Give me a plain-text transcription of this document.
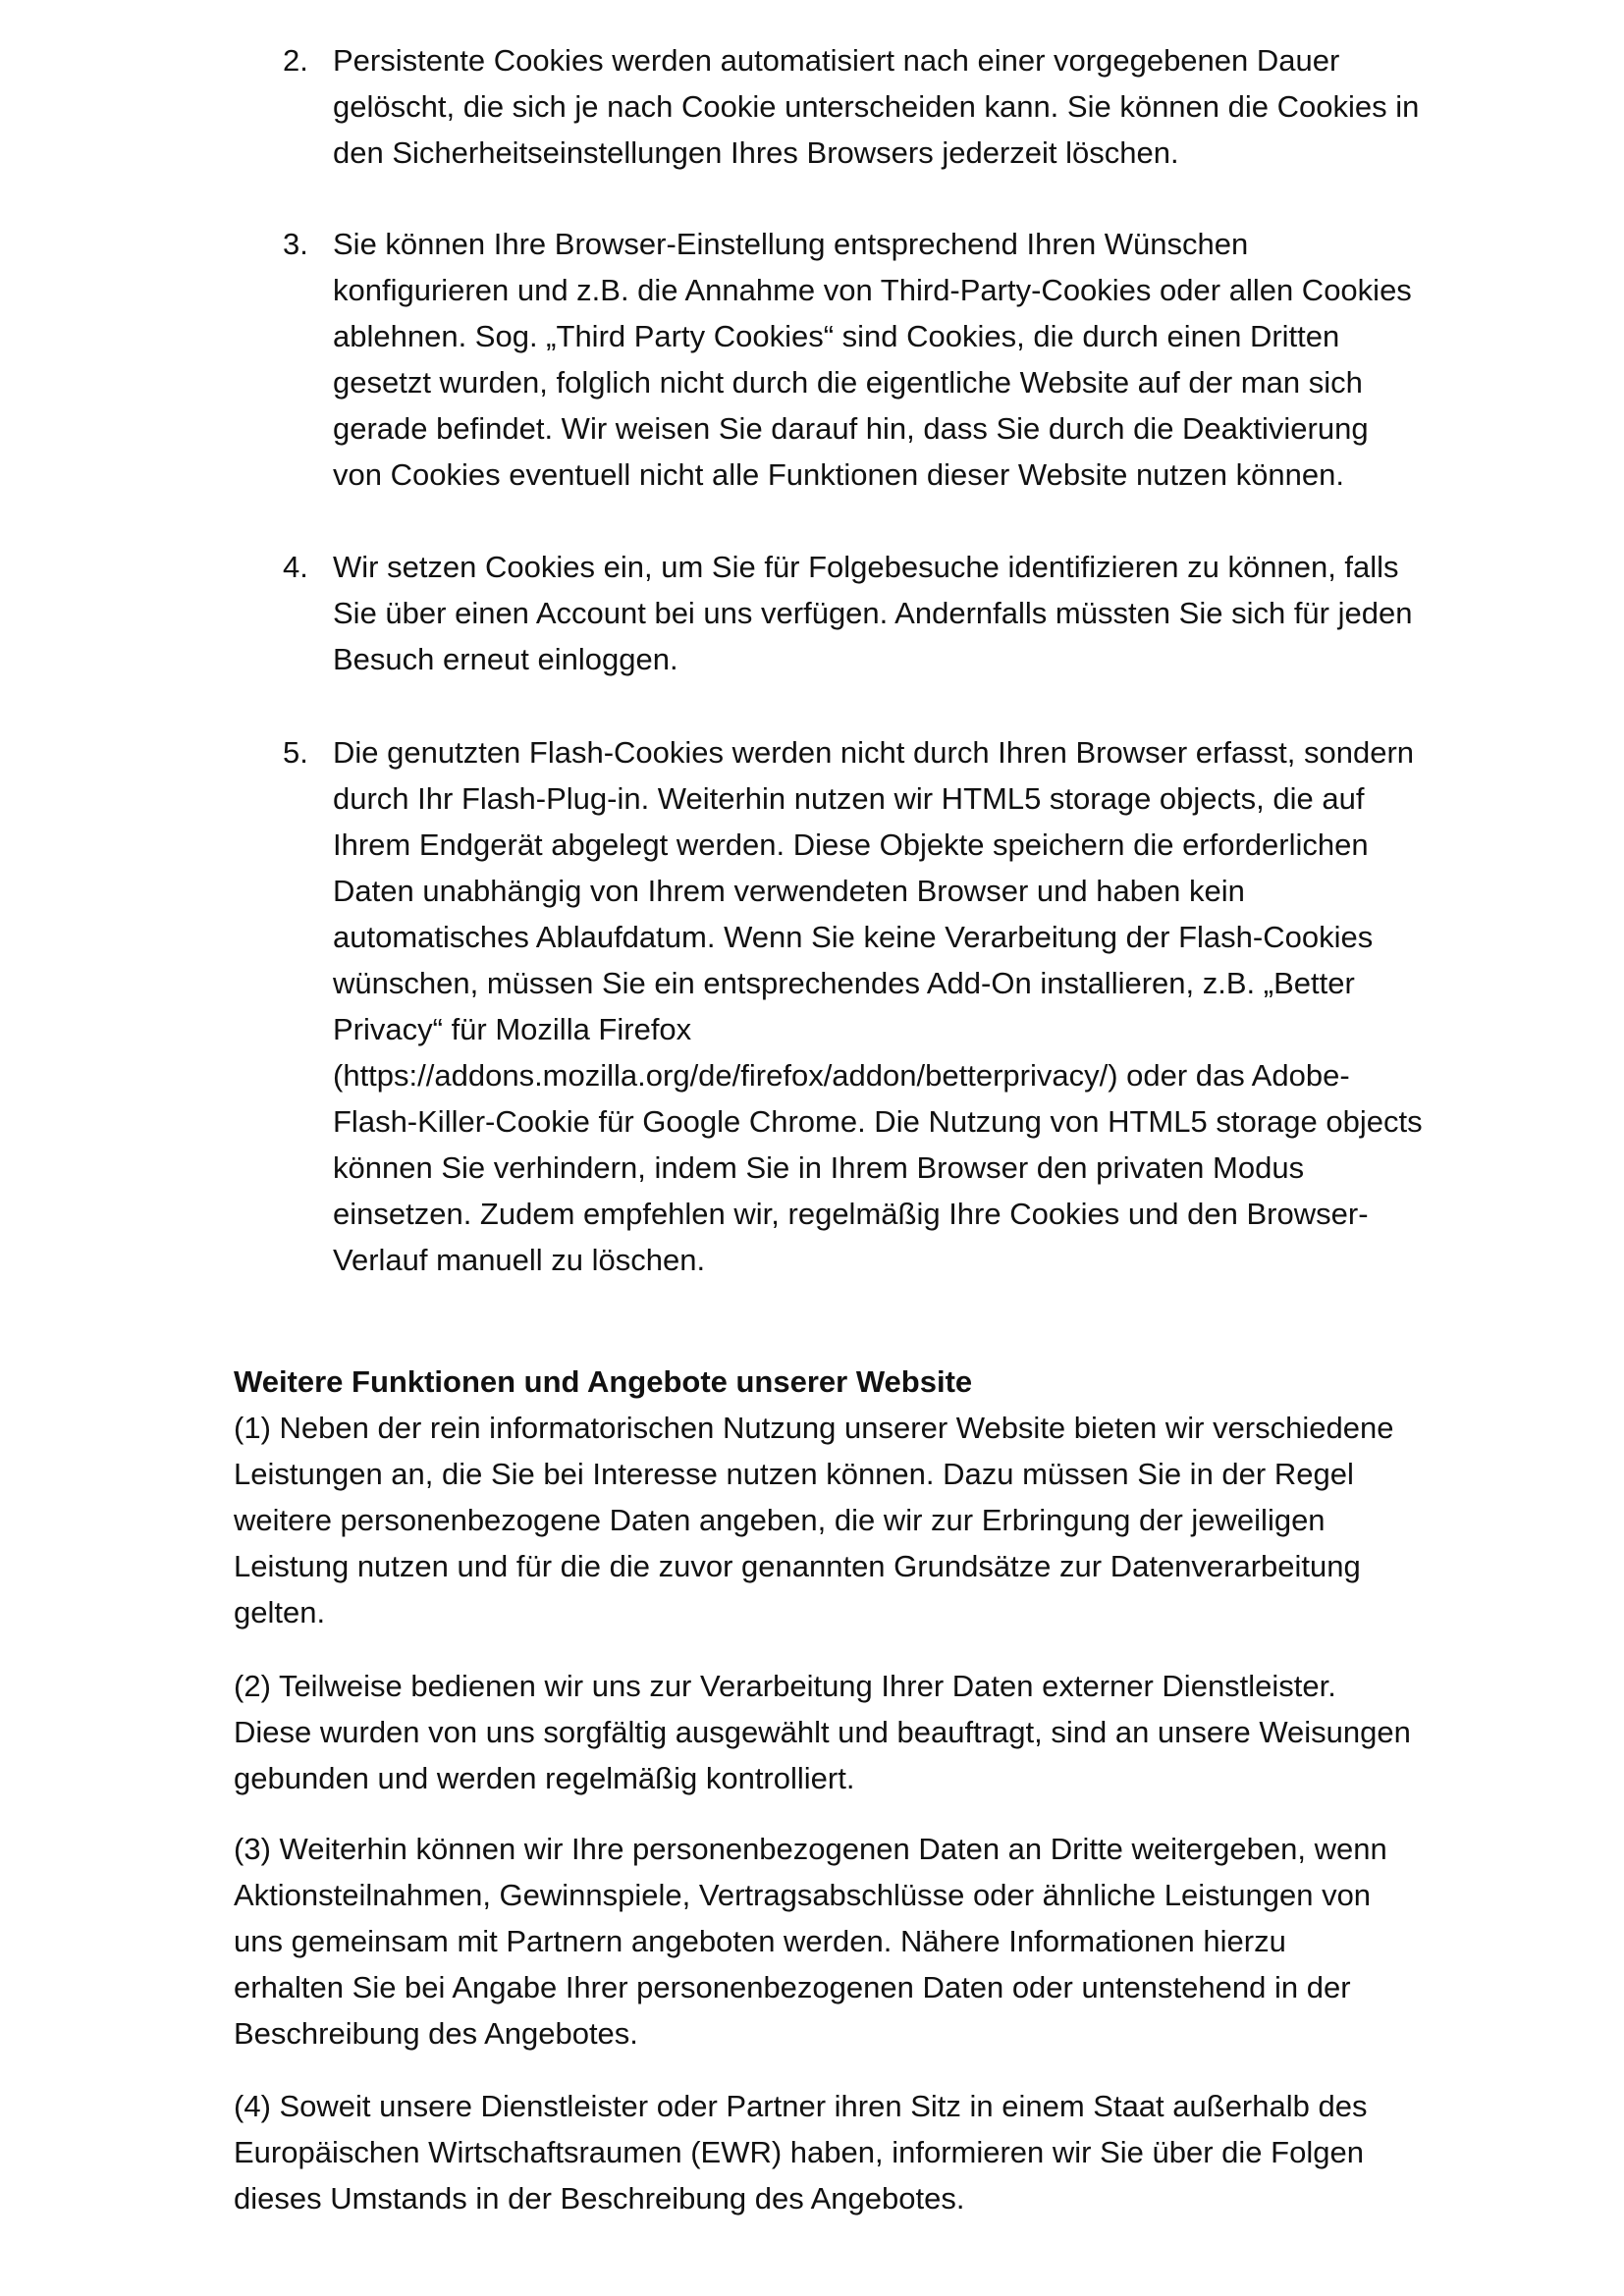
2. Persistente Cookies werden automatisiert nach einer vorgegebenen Dauer
gelöscht, die sich je nach Cookie unterscheiden kann. Sie können die Cookies in
den Sicherheitseinstellungen Ihres Browsers jederzeit löschen.
3. Sie können Ihre Browser-Einstellung entsprechend Ihren Wünschen
konfigurieren und z.B. die Annahme von Third-Party-Cookies oder allen Cookies
ablehnen. Sog. „Third Party Cookies“ sind Cookies, die durch einen Dritten
gesetzt wurden, folglich nicht durch die eigentliche Website auf der man sich
gerade befindet. Wir weisen Sie darauf hin, dass Sie durch die Deaktivierung
von Cookies eventuell nicht alle Funktionen dieser Website nutzen können.
4. Wir setzen Cookies ein, um Sie für Folgebesuche identifizieren zu können, falls
Sie über einen Account bei uns verfügen. Andernfalls müssten Sie sich für jeden
Besuch erneut einloggen.
5. Die genutzten Flash-Cookies werden nicht durch Ihren Browser erfasst, sondern
durch Ihr Flash-Plug-in. Weiterhin nutzen wir HTML5 storage objects, die auf
Ihrem Endgerät abgelegt werden. Diese Objekte speichern die erforderlichen
Daten unabhängig von Ihrem verwendeten Browser und haben kein
automatisches Ablaufdatum. Wenn Sie keine Verarbeitung der Flash-Cookies
wünschen, müssen Sie ein entsprechendes Add-On installieren, z.B. „Better
Privacy“ für Mozilla Firefox
(https://addons.mozilla.org/de/firefox/addon/betterprivacy/) oder das Adobe-
Flash-Killer-Cookie für Google Chrome. Die Nutzung von HTML5 storage objects
können Sie verhindern, indem Sie in Ihrem Browser den privaten Modus
einsetzen. Zudem empfehlen wir, regelmäßig Ihre Cookies und den Browser-
Verlauf manuell zu löschen.
Weitere Funktionen und Angebote unserer Website
(1) Neben der rein informatorischen Nutzung unserer Website bieten wir verschiedene
Leistungen an, die Sie bei Interesse nutzen können. Dazu müssen Sie in der Regel
weitere personenbezogene Daten angeben, die wir zur Erbringung der jeweiligen
Leistung nutzen und für die die zuvor genannten Grundsätze zur Datenverarbeitung
gelten.
(2) Teilweise bedienen wir uns zur Verarbeitung Ihrer Daten externer Dienstleister.
Diese wurden von uns sorgfältig ausgewählt und beauftragt, sind an unsere Weisungen
gebunden und werden regelmäßig kontrolliert.
(3) Weiterhin können wir Ihre personenbezogenen Daten an Dritte weitergeben, wenn
Aktionsteilnahmen, Gewinnspiele, Vertragsabschlüsse oder ähnliche Leistungen von
uns gemeinsam mit Partnern angeboten werden. Nähere Informationen hierzu
erhalten Sie bei Angabe Ihrer personenbezogenen Daten oder untenstehend in der
Beschreibung des Angebotes.
(4) Soweit unsere Dienstleister oder Partner ihren Sitz in einem Staat außerhalb des
Europäischen Wirtschaftsraumen (EWR) haben, informieren wir Sie über die Folgen
dieses Umstands in der Beschreibung des Angebotes.
